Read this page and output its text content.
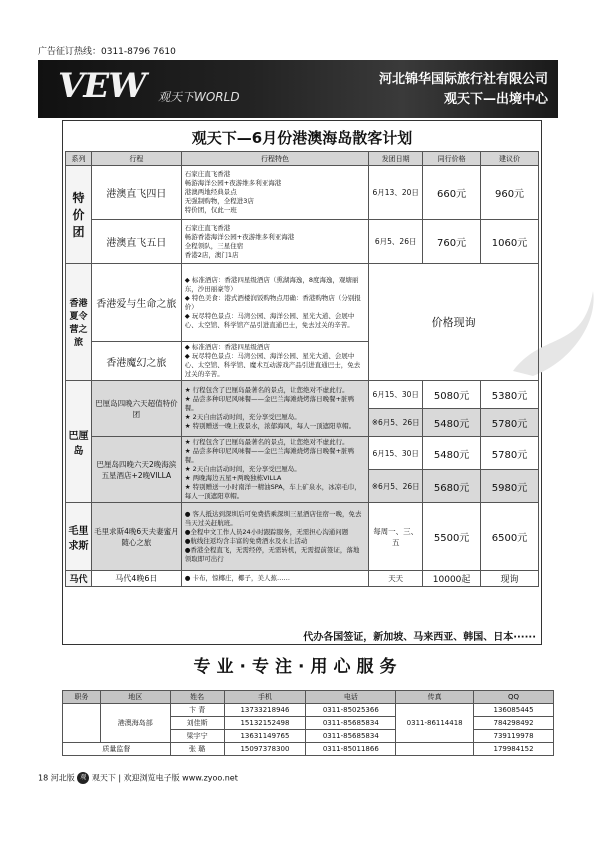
广告征订热线：0311-8796 7610
VEW 观天下WORLD
河北锦华国际旅行社有限公司
观天下—出境中心
观天下—6月份港澳海岛散客计划
系列	行程	行程特色	发团日期	同行价格	建议价
特价团	港澳直飞四日	石家庄直飞香港
畅游海洋公园+夜游维多利亚海港
港澳两地经典景点
无强制购物，全程进3店
特价团，仅此一班	6月13、20日	660元	960元
	港澳直飞五日	石家庄直飞香港
畅游香港海洋公园+夜游维多利亚海港
全程领队，三星住宿
香港2店，澳门1店	6月5、26日	760元	1060元
香港夏令营之旅	香港爱与生命之旅	◆ 标准酒店：香港四星级酒店（熏湖海逸，8度海逸，观塘丽东，沙田丽豪等）
◆ 特色美食：港式酒楼润饭购物点用确：香港购物店（分别报价）
◆ 玩尽特色景点：马湾公园、海洋公园、星光大道、会展中心、太空馆、科学馆产品引进直通巴士，免去过关的辛苦。	价格现询		
	香港魔幻之旅	◆ 标准酒店：香港四星级酒店
◆ 玩尽特色景点：马湾公园、海洋公园、星光大道、会展中心、太空馆、科学馆、魔术互动游戏产品引进直通巴士，免去过关的辛苦。			

巴厘岛	巴厘岛四晚六天超值特价团	★ 行程包含了巴厘岛最著名的景点，让您绝对不虚此行。
★ 品尝多种印尼风味餐——金巴兰海滩烧烤落日晚餐+脏鸭餐。
★ 2天自由活动时间，充分享受巴厘岛。
★ 特别赠送一晚上夜景水，浓郁海风，每人一顶遮阳草帽。	6月15、30日	5080元	5380元
			※6月5、26日	5480元	5780元
	巴厘岛四晚六天2晚海滨五星酒店+2晚VILLA	★ 行程包含了巴厘岛最著名的景点，让您绝对不虚此行。
★ 品尝多种印尼风味餐——金巴兰海滩烧烤落日晚餐+脏鸭餐。
★ 2天自由活动时间，充分享受巴厘岛。
★ 两晚海边五星+两晚独栋VILLA
★ 特别赠送一小时南洋一精油SPA，车上矿泉水，冰凉毛巾，每人一顶遮阳草帽。	6月15、30日	5480元	5780元
			※6月5、26日	5680元	5980元
毛里求斯	毛里求斯4晚6天夫妻蜜月随心之旅	● 客人抵达到深圳后可免费搭乘深圳三星酒店住宿一晚，免去当天过关赶航班。
●全程中文工作人员24小时跟踪服务，无需担心沟通问题
●航线往返均含丰富的免费酒水及水上活动
●香港全程直飞，无需经停，无需转机，无需提前签证，落地领取即可出行	每周一、三、五	5500元	6500元
马代	马代4晚6日	● 卡布，惊椰庄，椰子，美人蕉……	天天	10000起	现询
代办各国签证，新加坡、马来西亚、韩国、日本······
专业·专注·用心服务
职务	地区	姓名	手机	电话	传真	QQ
	港澳海岛部	卞 青	13733218946	0311-85025366	0311-86114418	136085445
		刘佳斯	15132152498	0311-85685834		784298492
		梁宇宁	13631149765	0311-85685834		739119978
质量监督		张 璐	15097378300	0311-85011866		179984152
18 河北版 观 观天下 | 欢迎浏览电子版 www.zyoo.net
